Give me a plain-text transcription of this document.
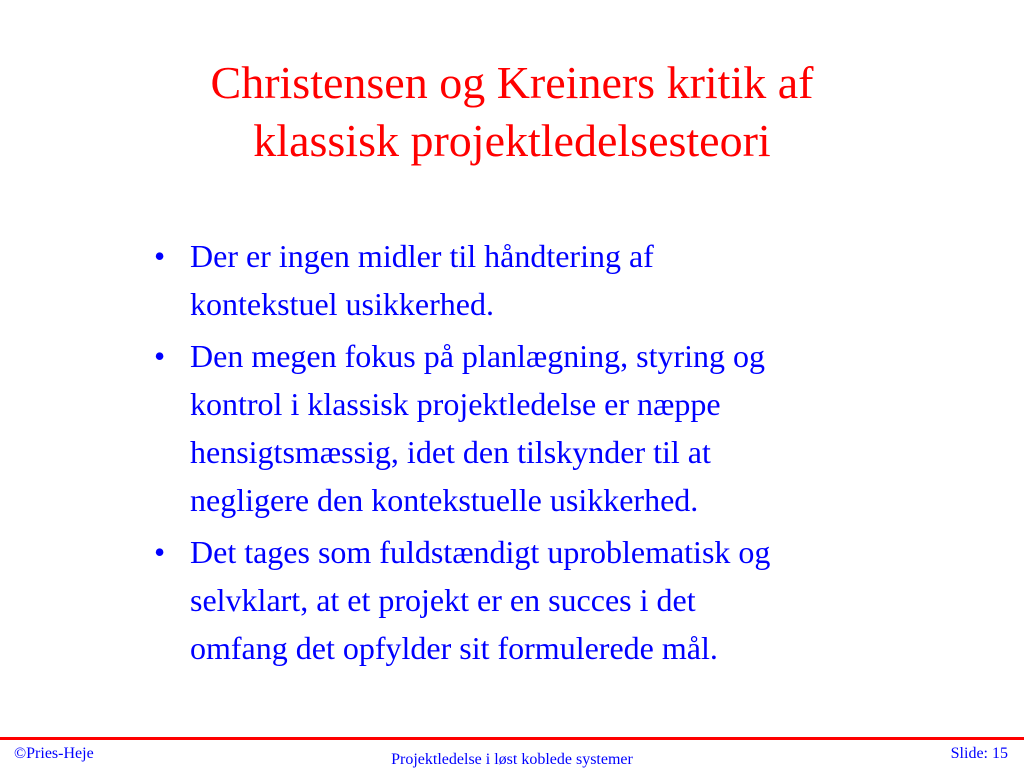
Christensen og Kreiners kritik af
klassisk projektledelsesteori
• Der er ingen midler til håndtering af
kontekstuel usikkerhed.
• Den megen fokus på planlægning, styring og
kontrol i klassisk projektledelse er næppe
hensigtsmæssig, idet den tilskynder til at
negligere den kontekstuelle usikkerhed.
• Det tages som fuldstændigt uproblematisk og
selvklart, at et projekt er en succes i det
omfang det opfylder sit formulerede mål.
©Pries-Heje	Projektledelse i løst koblede systemer	Slide: 15
